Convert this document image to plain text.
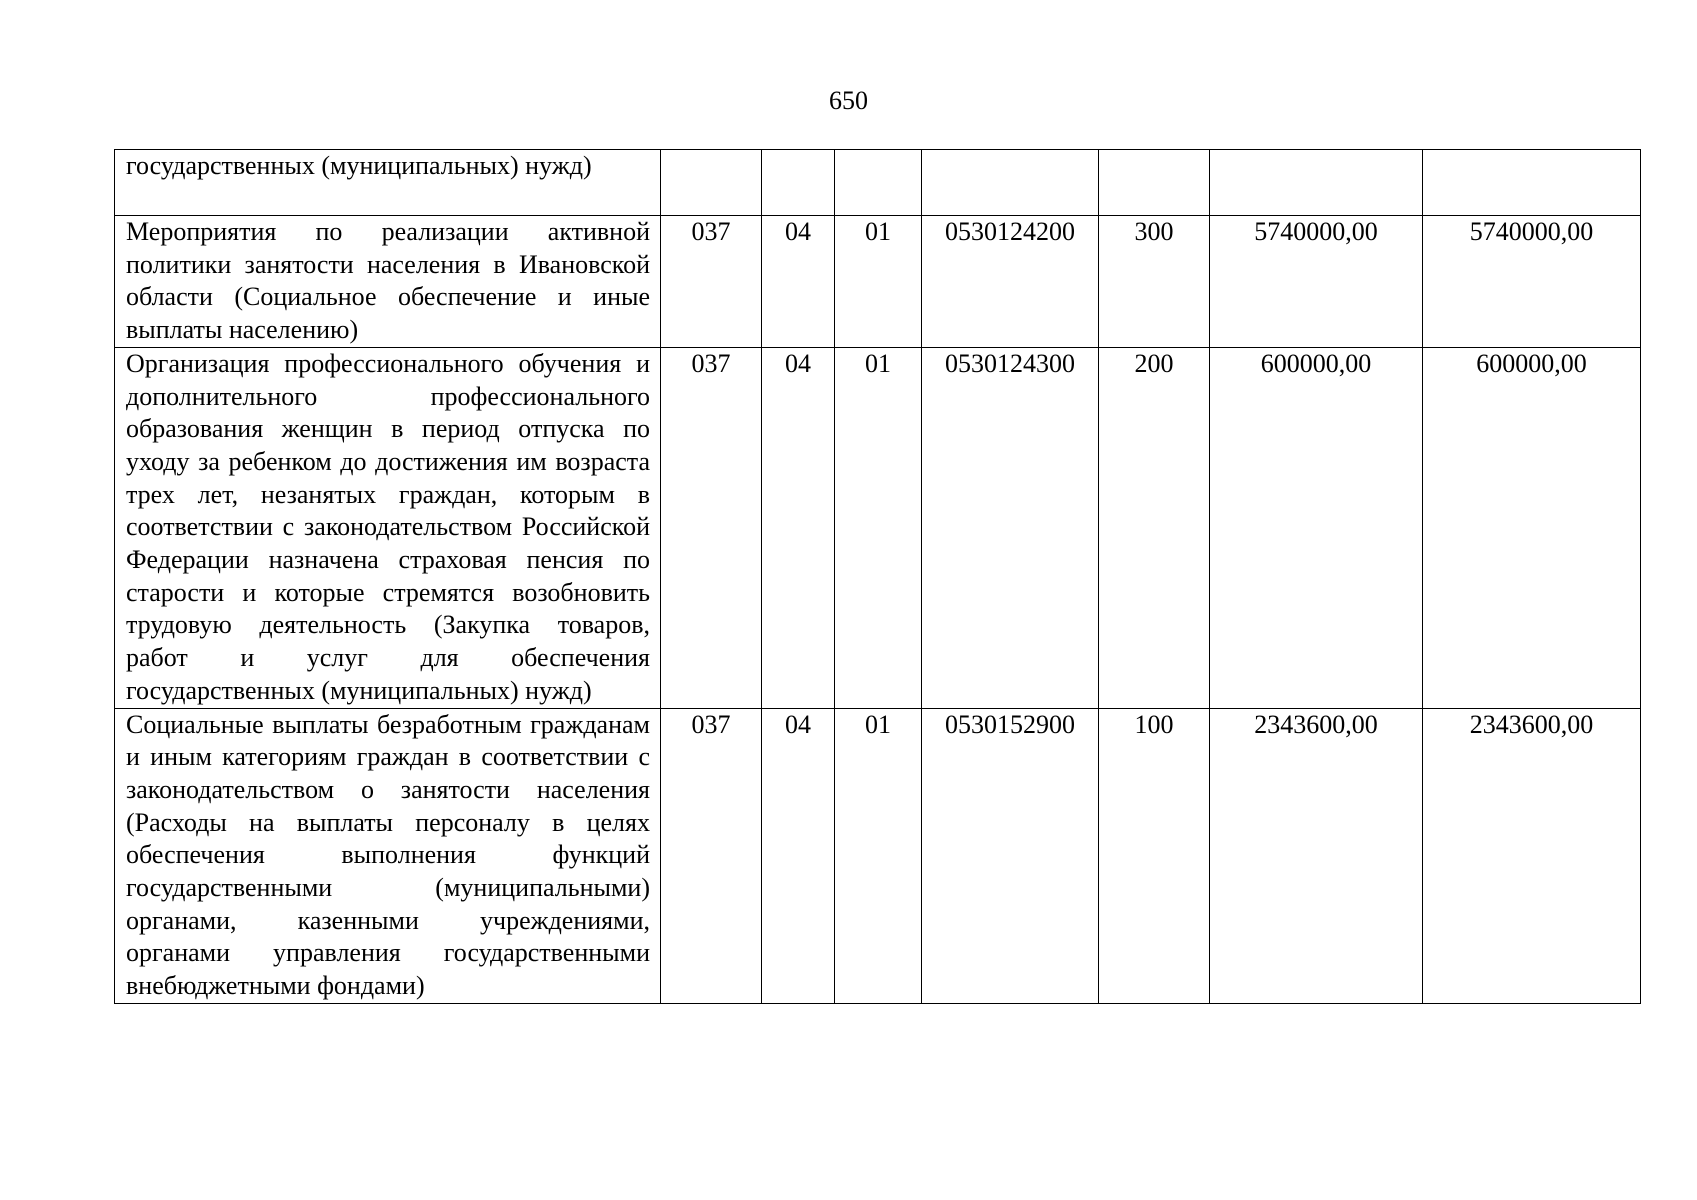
650
государственных (муниципальных) нужд)							
Мероприятия по реализации активной политики занятости населения в Ивановской области (Социальное обеспечение и иные выплаты населению)	037	04	01	0530124200	300	5740000,00	5740000,00
Организация профессионального обучения и дополнительного профессионального образования женщин в период отпуска по уходу за ребенком до достижения им возраста трех лет, незанятых граждан, которым в соответствии с законодательством Российской Федерации назначена страховая пенсия по старости и которые стремятся возобновить трудовую деятельность (Закупка товаров, работ и услуг для обеспечения государственных (муниципальных) нужд)	037	04	01	0530124300	200	600000,00	600000,00
Социальные выплаты безработным гражданам и иным категориям граждан в соответствии с законодательством о занятости населения (Расходы на выплаты персоналу в целях обеспечения выполнения функций государственными (муниципальными) органами, казенными учреждениями, органами управления государственными внебюджетными фондами)	037	04	01	0530152900	100	2343600,00	2343600,00
